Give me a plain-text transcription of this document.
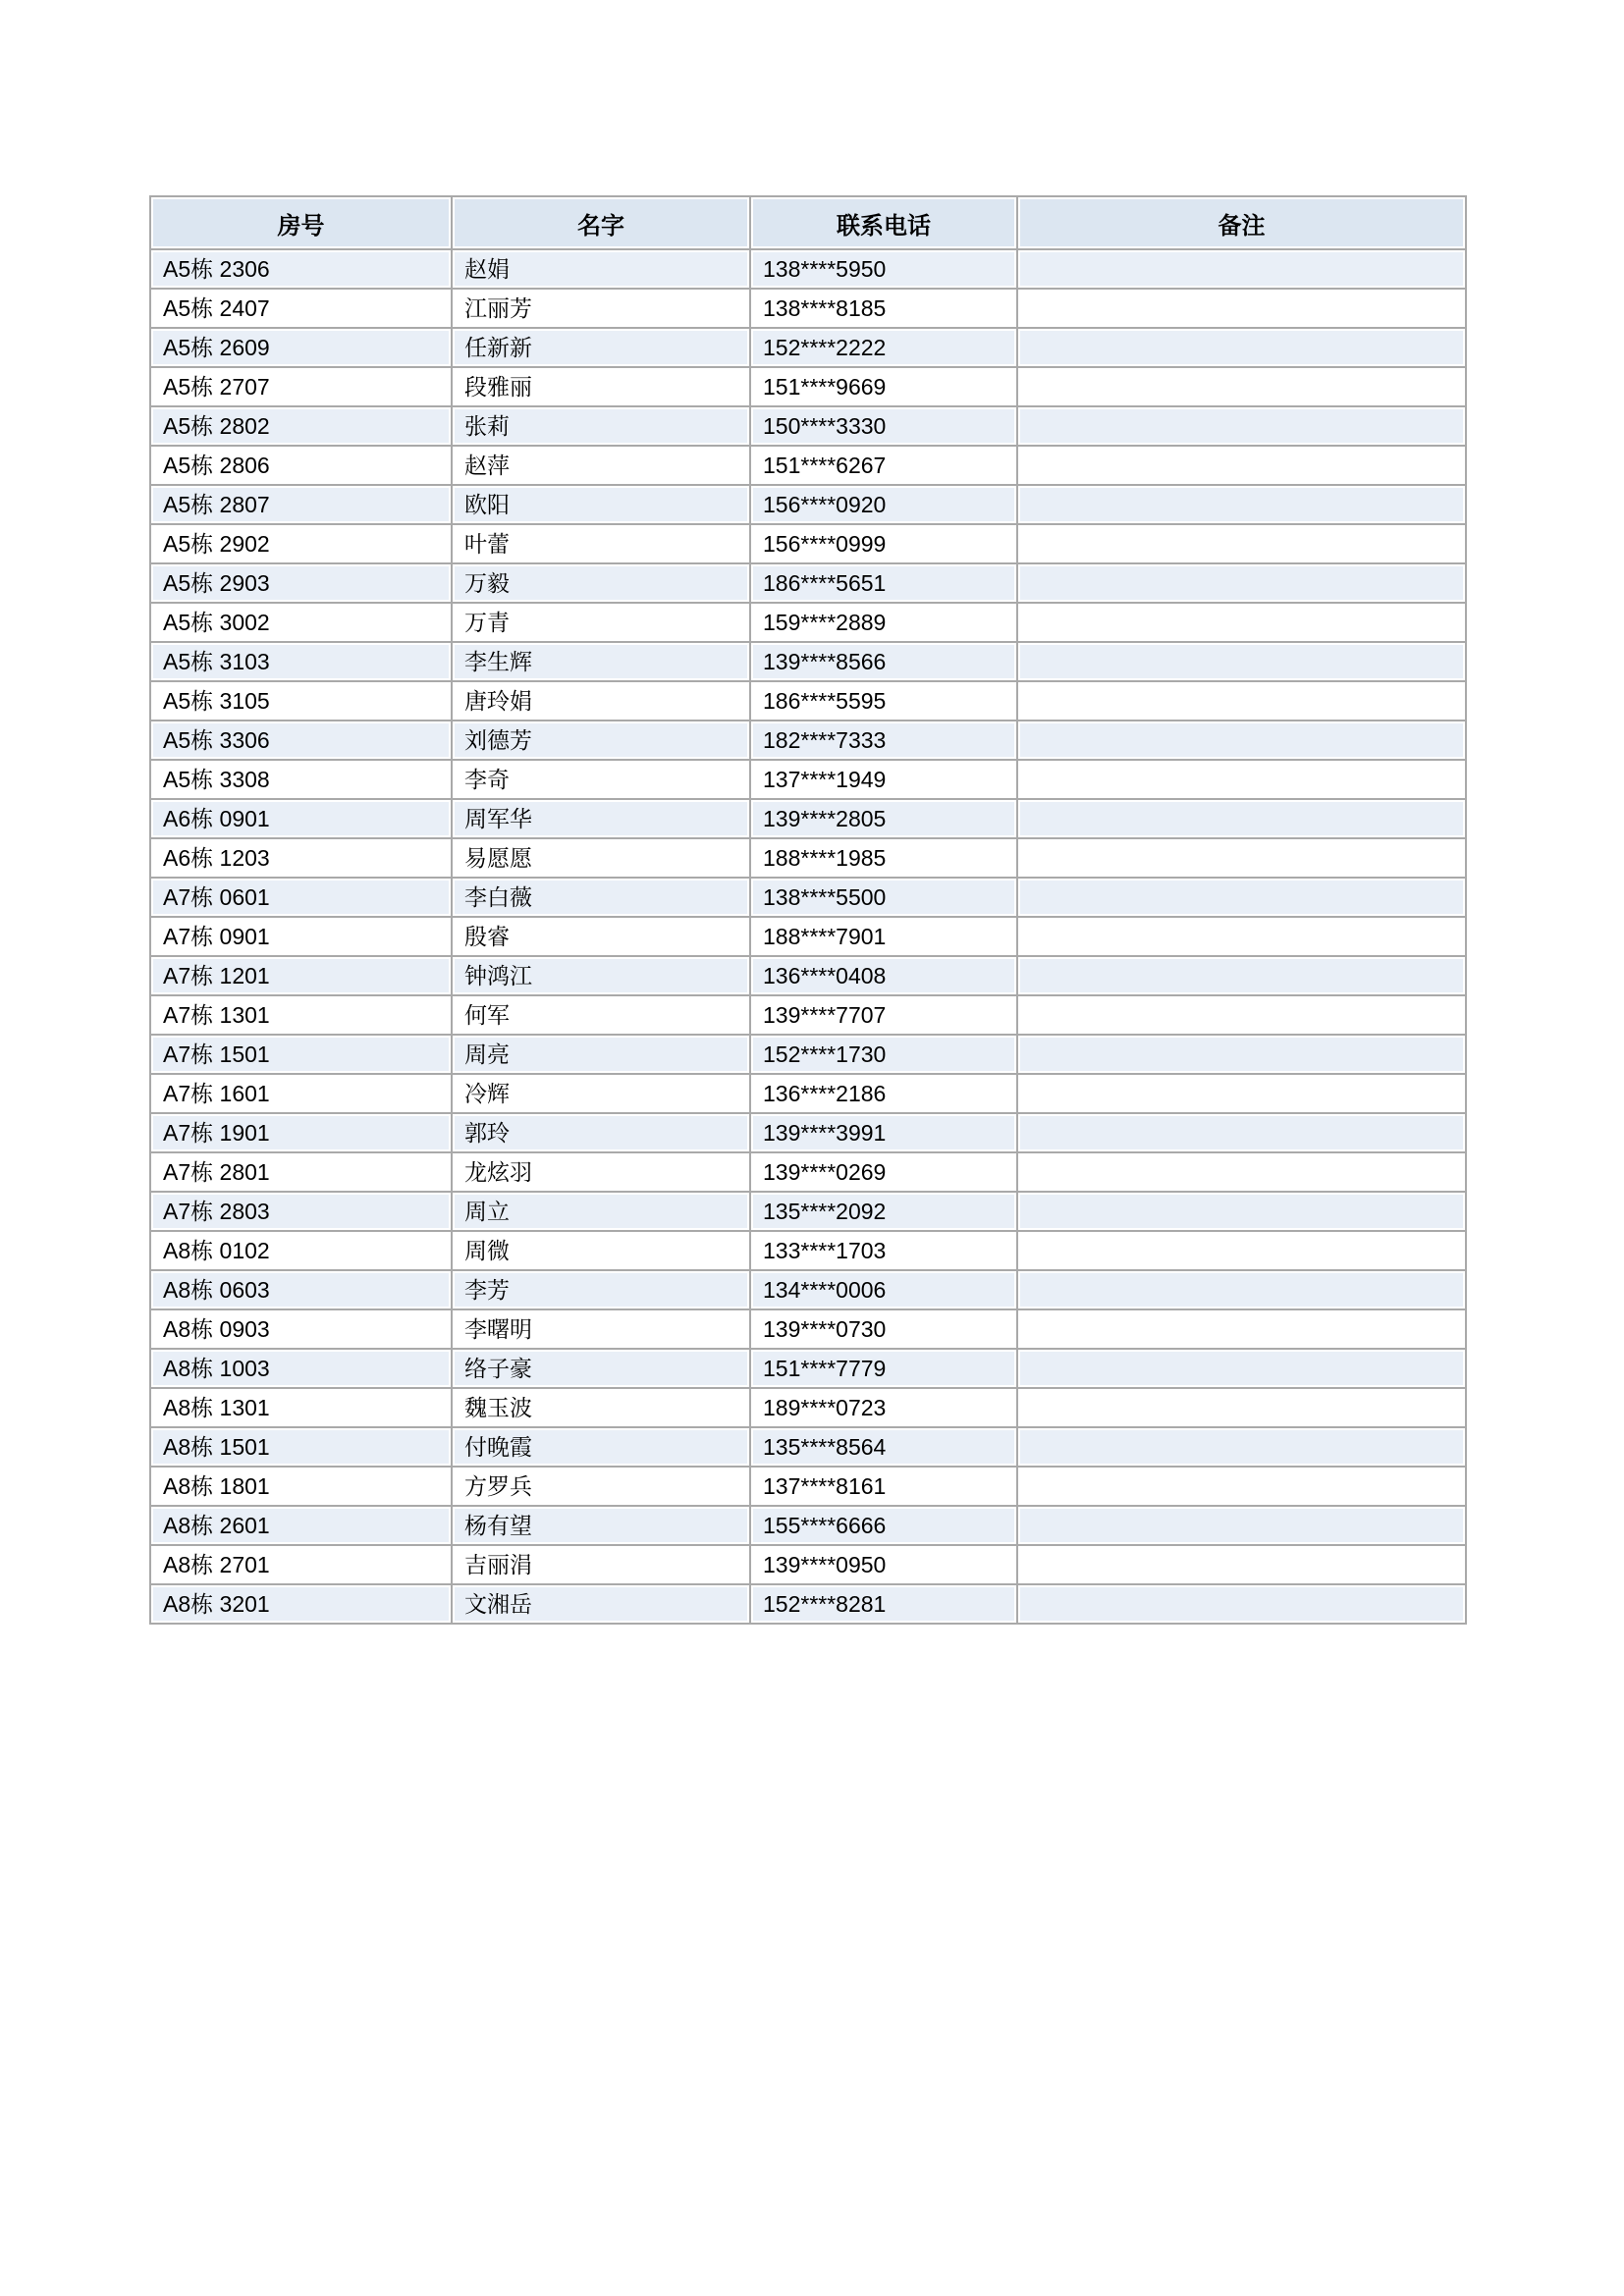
房号	名字	联系电话	备注
A5栋 2306	赵娟	138****5950	
A5栋 2407	江丽芳	138****8185	
A5栋 2609	任新新	152****2222	
A5栋 2707	段雅丽	151****9669	
A5栋 2802	张莉	150****3330	
A5栋 2806	赵萍	151****6267	
A5栋 2807	欧阳	156****0920	
A5栋 2902	叶蕾	156****0999	
A5栋 2903	万毅	186****5651	
A5栋 3002	万青	159****2889	
A5栋 3103	李生辉	139****8566	
A5栋 3105	唐玲娟	186****5595	
A5栋 3306	刘德芳	182****7333	
A5栋 3308	李奇	137****1949	
A6栋 0901	周军华	139****2805	
A6栋 1203	易愿愿	188****1985	
A7栋 0601	李白薇	138****5500	
A7栋 0901	殷睿	188****7901	
A7栋 1201	钟鸿江	136****0408	
A7栋 1301	何军	139****7707	
A7栋 1501	周亮	152****1730	
A7栋 1601	冷辉	136****2186	
A7栋 1901	郭玲	139****3991	
A7栋 2801	龙炫羽	139****0269	
A7栋 2803	周立	135****2092	
A8栋 0102	周微	133****1703	
A8栋 0603	李芳	134****0006	
A8栋 0903	李曙明	139****0730	
A8栋 1003	络子豪	151****7779	
A8栋 1301	魏玉波	189****0723	
A8栋 1501	付晚霞	135****8564	
A8栋 1801	方罗兵	137****8161	
A8栋 2601	杨有望	155****6666	
A8栋 2701	吉丽涓	139****0950	
A8栋 3201	文湘岳	152****8281	
